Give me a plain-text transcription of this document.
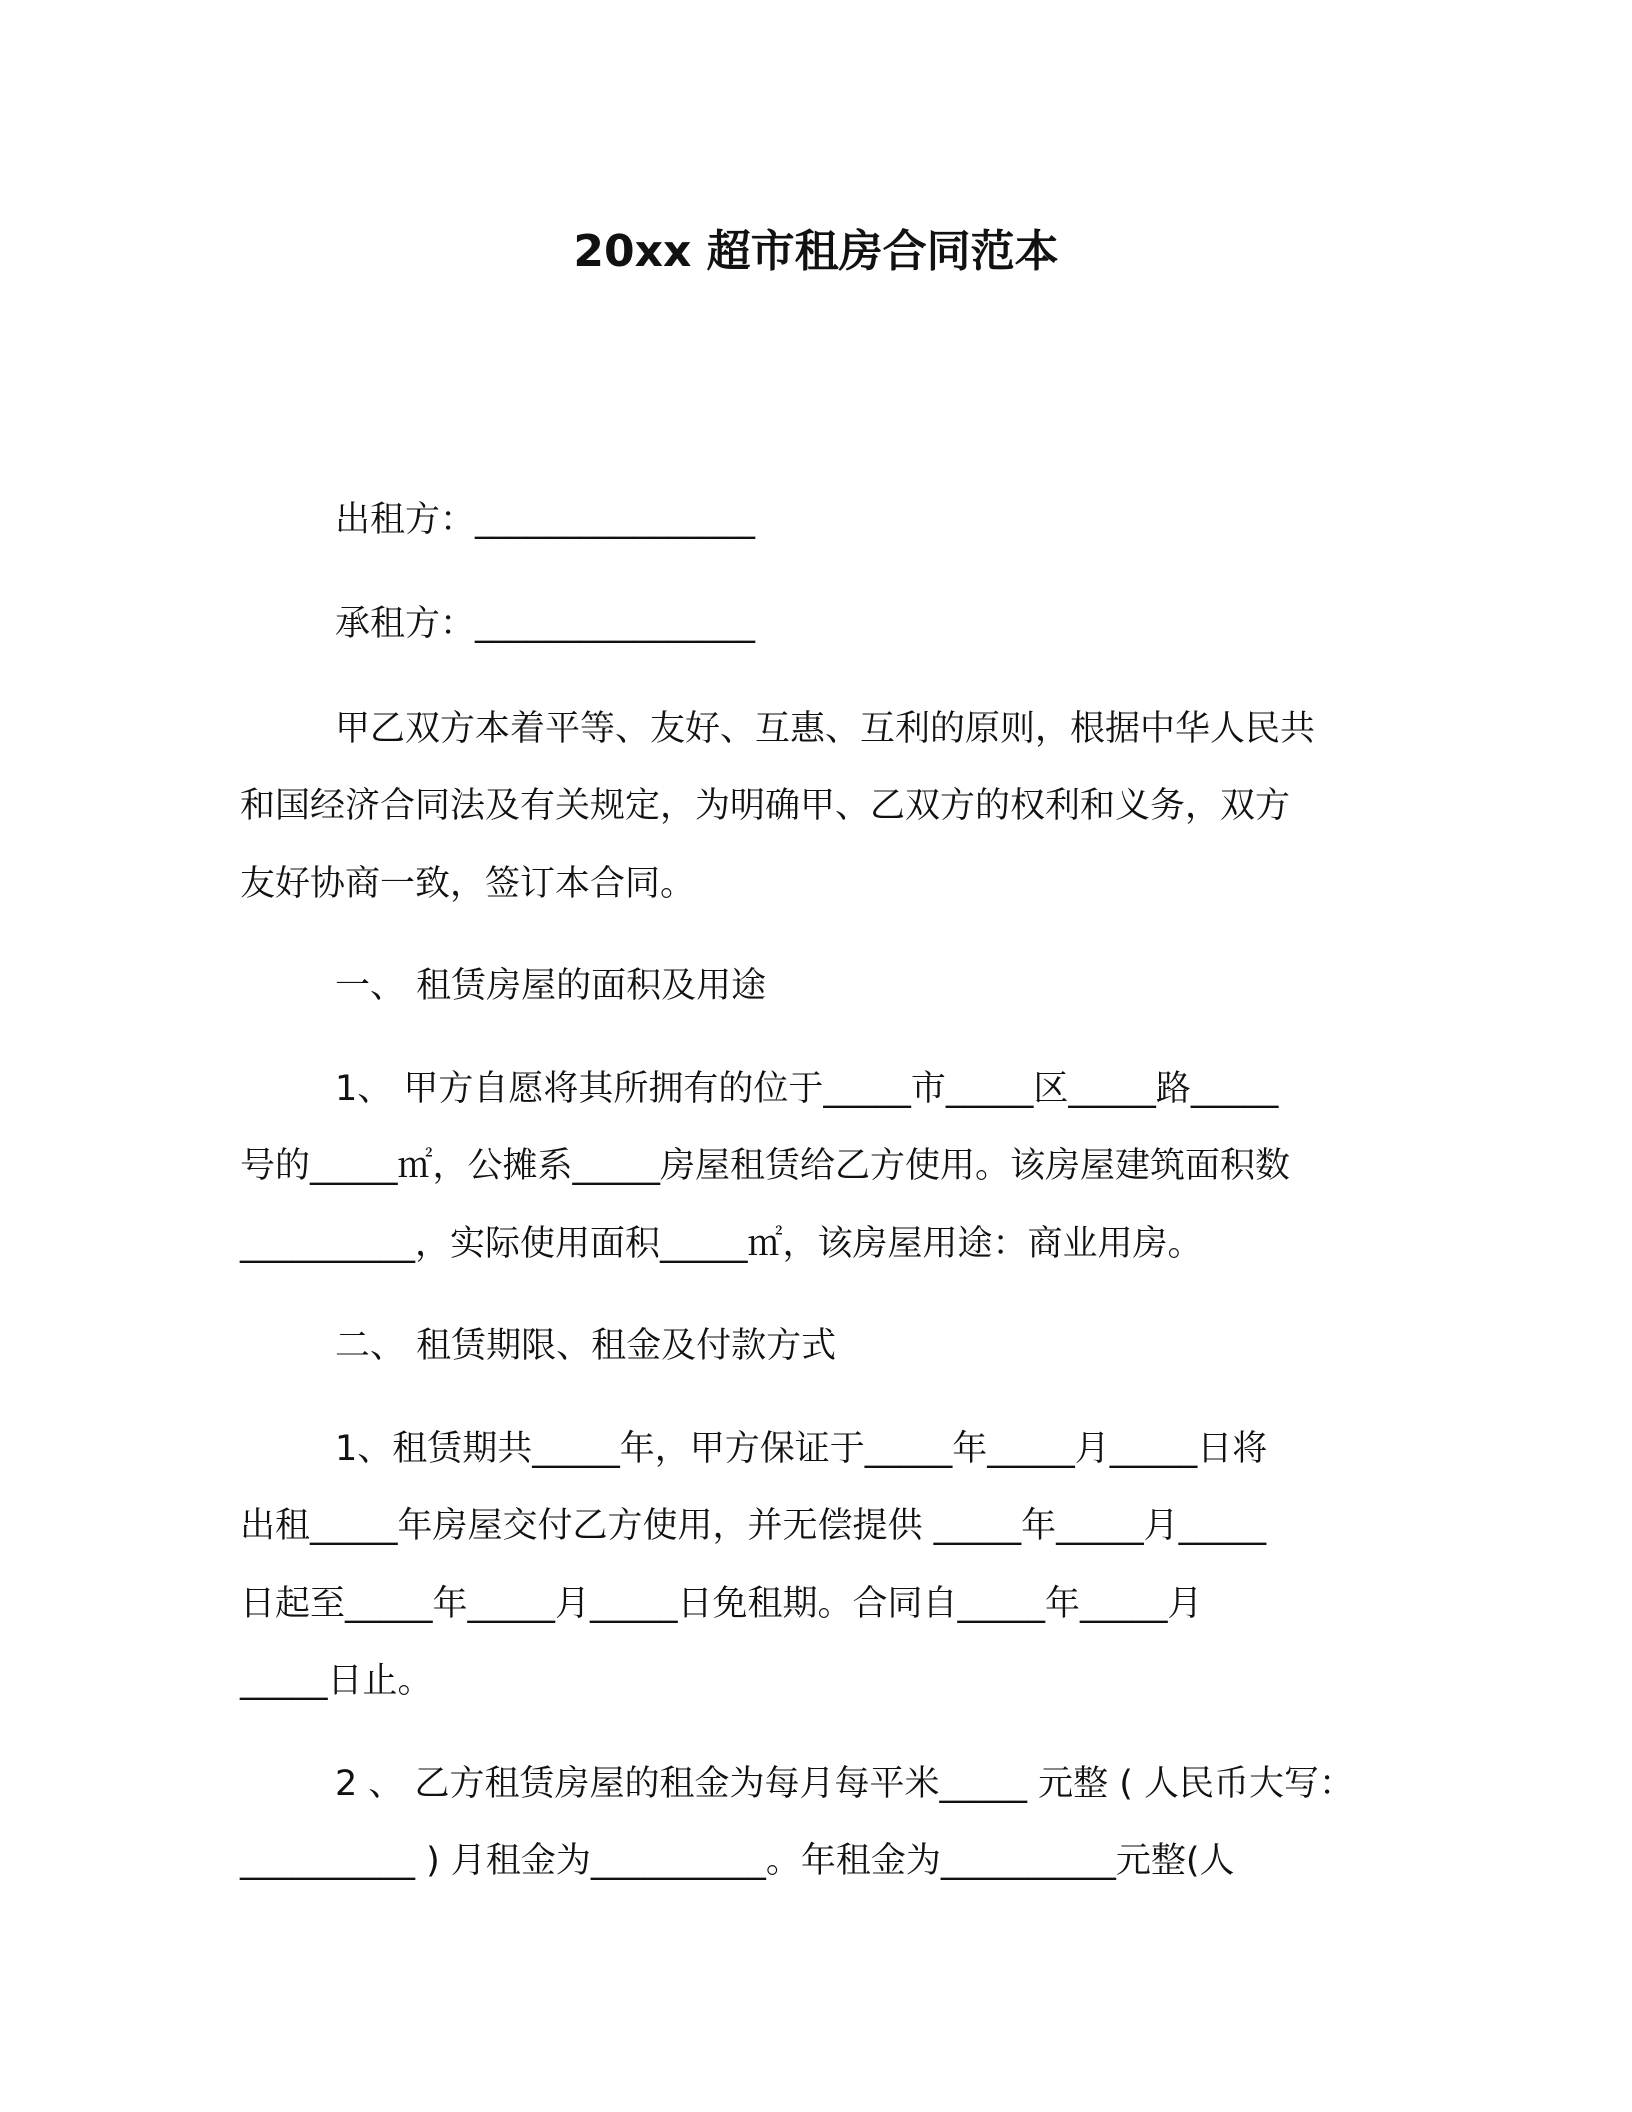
20xx 超市租房合同范本
出租方：________________
承租方：________________
甲乙双方本着平等、友好、互惠、互利的原则，根据中华人民共
和国经济合同法及有关规定，为明确甲、乙双方的权利和义务，双方
友好协商一致，签订本合同。
一、 租赁房屋的面积及用途
1、 甲方自愿将其所拥有的位于_____市_____区_____路_____
号的_____㎡，公摊系_____房屋租赁给乙方使用。该房屋建筑面积数
__________，实际使用面积_____㎡，该房屋用途：商业用房。
二、 租赁期限、租金及付款方式
1、租赁期共_____年，甲方保证于_____年_____月_____日将
出租_____年房屋交付乙方使用，并无偿提供 _____年_____月_____
日起至_____年_____月_____日免租期。合同自_____年_____月
_____日止。
2 、 乙方租赁房屋的租金为每月每平米_____ 元整 ( 人民币大写：
__________ ) 月租金为__________。年租金为__________元整(人
